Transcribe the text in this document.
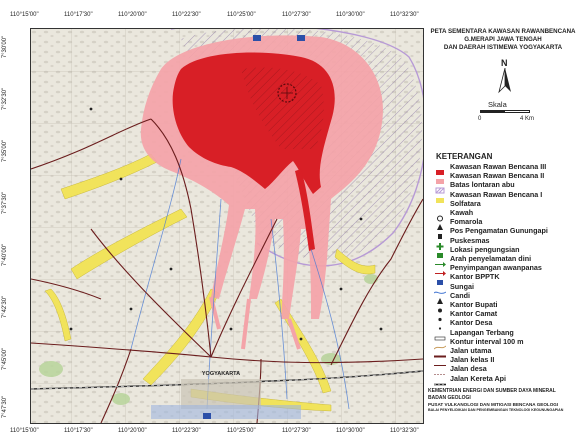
110°15'00"	110°17'30"	110°20'00"	110°22'30"	110°25'00"	110°27'30"	110°30'00"	110°32'30"
110°15'00"	110°17'30"	110°20'00"	110°22'30"	110°25'00"	110°27'30"	110°30'00"	110°32'30"
7°30'00"
7°32'30"
7°35'00"
7°37'30"
7°40'00"
7°42'30"
7°45'00"
7°47'30"
YOGYAKARTA
PETA SEMENTARA KAWASAN RAWANBENCANA
G.MERAPI JAWA TENGAH
DAN DAERAH ISTIMEWA YOGYAKARTA
N
Skala
0	4 Km
KETERANGAN
Kawasan Rawan Bencana III
Kawasan Rawan Bencana II
Batas lontaran abu
Kawasan Rawan Bencana I
Solfatara
Kawah
Fomarola
Pos Pengamatan Gunungapi
Puskesmas
Lokasi pengungsian
Arah penyelamatan dini
Penyimpangan awanpanas
Kantor BPPTK
Sungai
Candi
Kantor Bupati
Kantor Camat
Kantor Desa
Lapangan Terbang
Kontur interval 100 m
Jalan utama
Jalan kelas II
Jalan desa
Jalan Kereta Api
KEMENTRIAN ENERGI DAN SUMBER DAYA MINERAL
BADAN GEOLOGI
PUSAT VULKANOLOGI DAN MITIGASI BENCANA GEOLOGI
BALAI PENYELIDIKAN DAN PENGEMBANGAN TEKNOLOGI KEGUNUNGAPIAN
